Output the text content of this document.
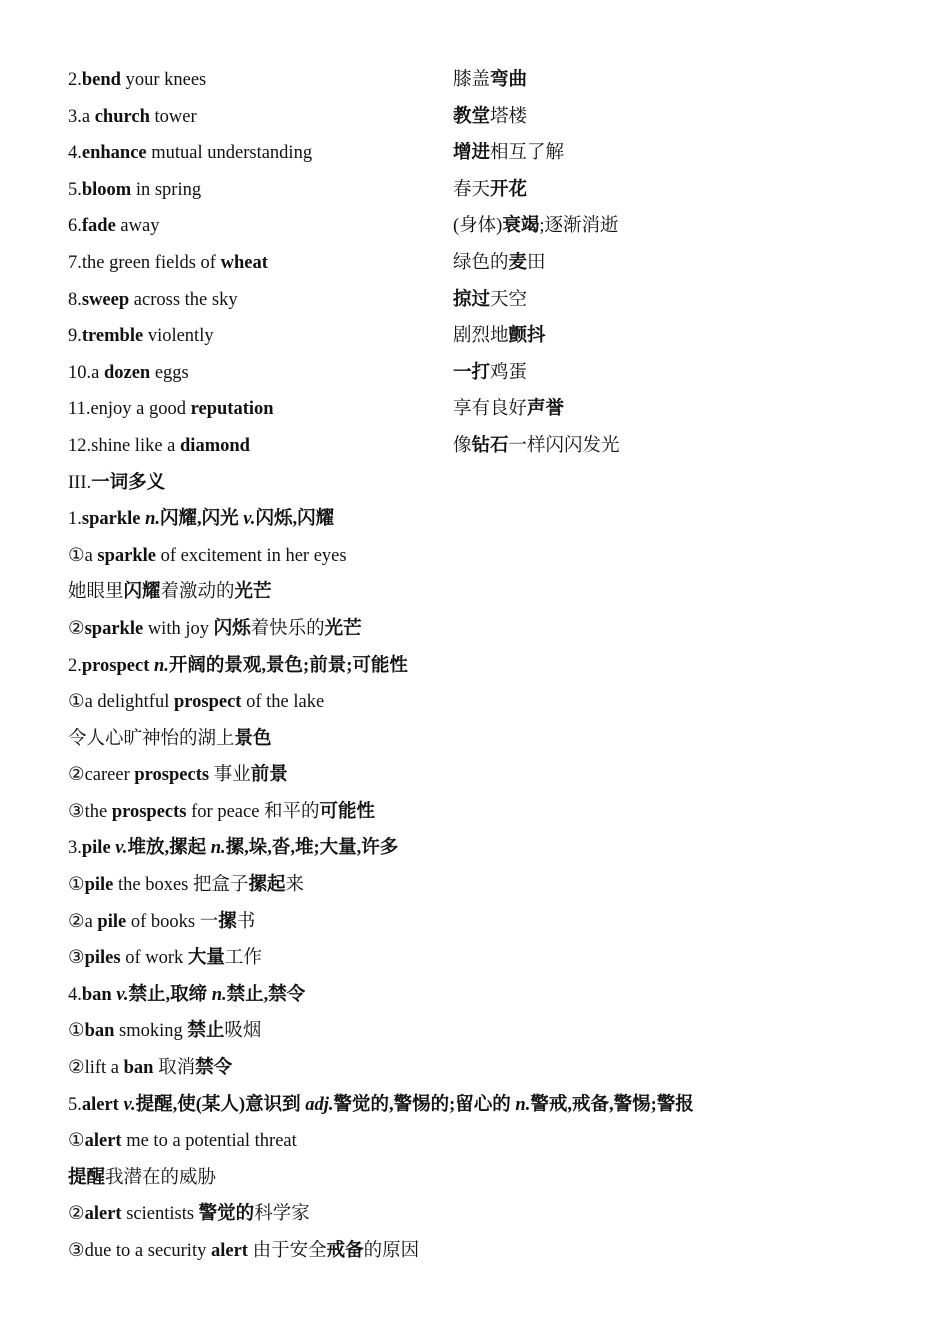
2.bend your knees	膝盖弯曲
3.a church tower	教堂塔楼
4.enhance mutual understanding	增进相互了解
5.bloom in spring	春天开花
6.fade away	(身体)衰竭;逐渐消逝
7.the green fields of wheat	绿色的麦田
8.sweep across the sky	掠过天空
9.tremble violently	剧烈地颤抖
10.a dozen eggs	一打鸡蛋
11.enjoy a good reputation	享有良好声誉
12.shine like a diamond	像钻石一样闪闪发光
III.一词多义
1.sparkle n.闪耀,闪光 v.闪烁,闪耀
①a sparkle of excitement in her eyes
她眼里闪耀着激动的光芒
②sparkle with joy 闪烁着快乐的光芒
2.prospect n.开阔的景观,景色;前景;可能性
①a delightful prospect of the lake
令人心旷神怡的湖上景色
②career prospects 事业前景
③the prospects for peace 和平的可能性
3.pile v.堆放,摞起 n.摞,垛,沓,堆;大量,许多
①pile the boxes 把盒子摞起来
②a pile of books 一摞书
③piles of work 大量工作
4.ban v.禁止,取缔 n.禁止,禁令
①ban smoking 禁止吸烟
②lift a ban 取消禁令
5.alert v.提醒,使(某人)意识到 adj.警觉的,警惕的;留心的 n.警戒,戒备,警惕;警报
①alert me to a potential threat
提醒我潜在的威胁
②alert scientists 警觉的科学家
③due to a security alert 由于安全戒备的原因
